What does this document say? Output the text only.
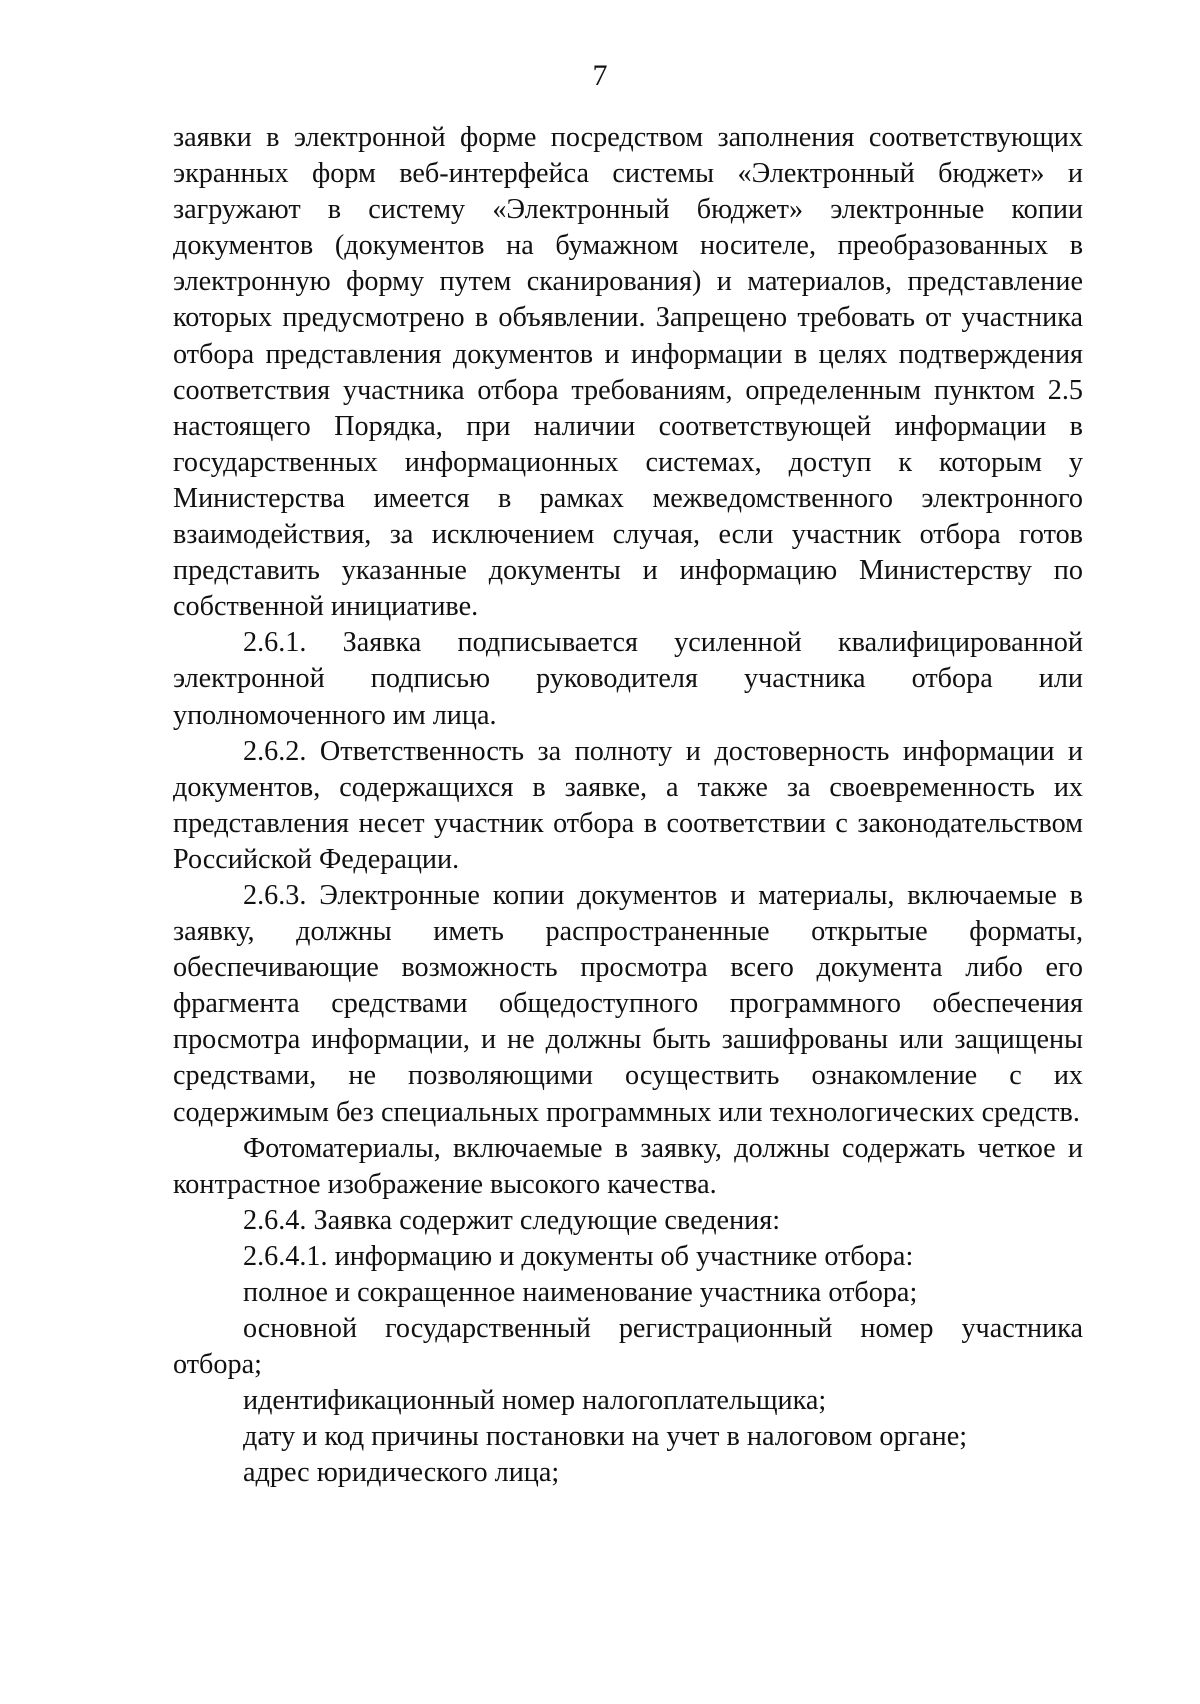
7

заявки в электронной форме посредством заполнения соответствующих экранных форм веб-интерфейса системы «Электронный бюджет» и загружают в систему «Электронный бюджет» электронные копии документов (документов на бумажном носителе, преобразованных в электронную форму путем сканирования) и материалов, представление которых предусмотрено в объявлении. Запрещено требовать от участника отбора представления документов и информации в целях подтверждения соответствия участника отбора требованиям, определенным пунктом 2.5 настоящего Порядка, при наличии соответствующей информации в государственных информационных системах, доступ к которым у Министерства имеется в рамках межведомственного электронного взаимодействия, за исключением случая, если участник отбора готов представить указанные документы и информацию Министерству по собственной инициативе.

2.6.1. Заявка подписывается усиленной квалифицированной электронной подписью руководителя участника отбора или уполномоченного им лица.

2.6.2. Ответственность за полноту и достоверность информации и документов, содержащихся в заявке, а также за своевременность их представления несет участник отбора в соответствии с законодательством Российской Федерации.

2.6.3. Электронные копии документов и материалы, включаемые в заявку, должны иметь распространенные открытые форматы, обеспечивающие возможность просмотра всего документа либо его фрагмента средствами общедоступного программного обеспечения просмотра информации, и не должны быть зашифрованы или защищены средствами, не позволяющими осуществить ознакомление с их содержимым без специальных программных или технологических средств.

Фотоматериалы, включаемые в заявку, должны содержать четкое и контрастное изображение высокого качества.

2.6.4. Заявка содержит следующие сведения:

2.6.4.1. информацию и документы об участнике отбора:

полное и сокращенное наименование участника отбора;

основной государственный регистрационный номер участника отбора;

идентификационный номер налогоплательщика;

дату и код причины постановки на учет в налоговом органе;

адрес юридического лица;
